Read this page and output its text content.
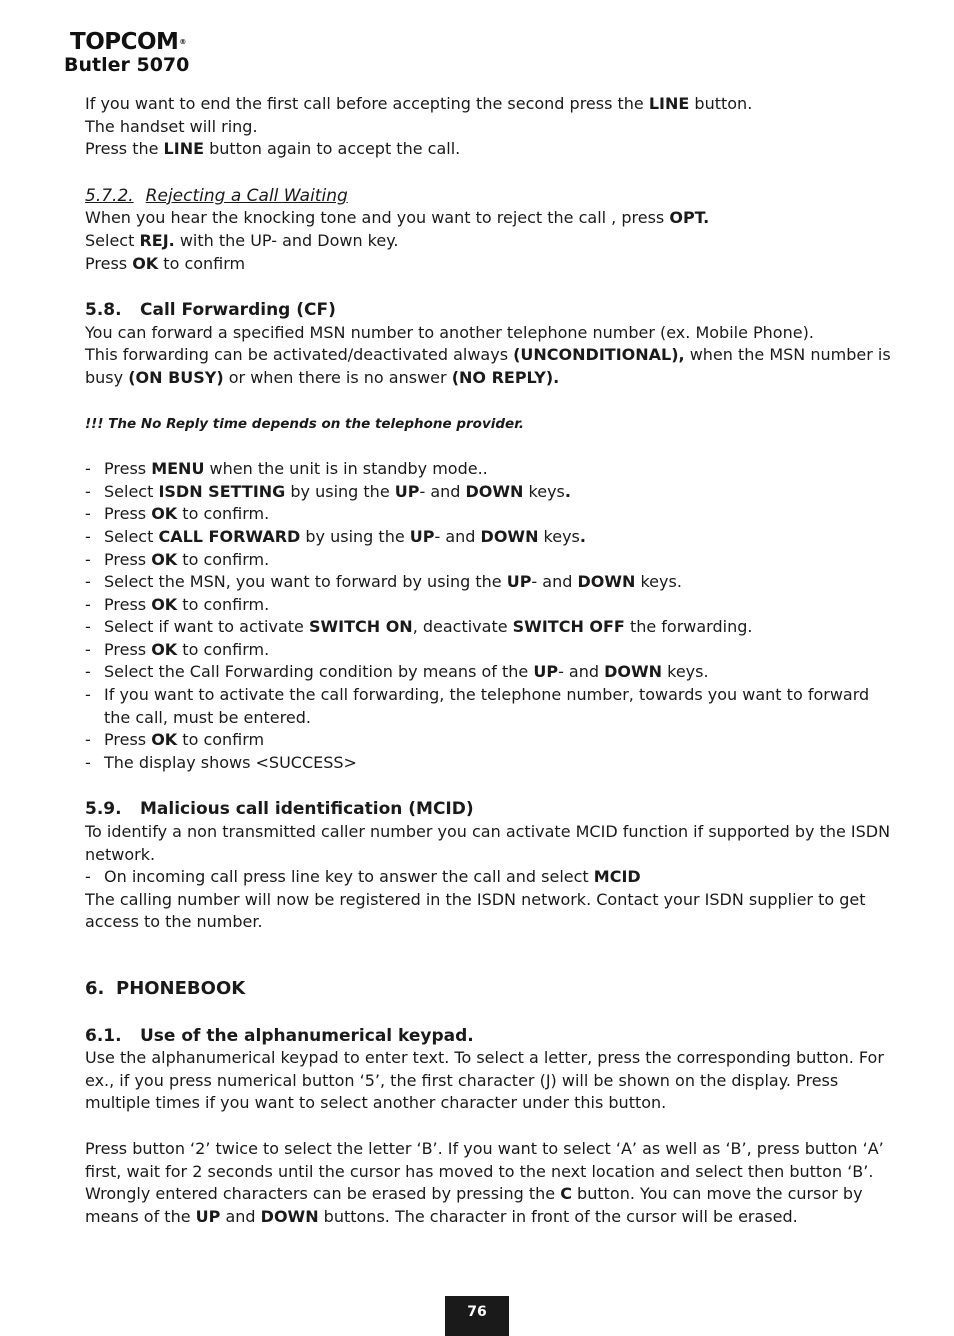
TOPCOM®
Butler 5070

If you want to end the first call before accepting the second press the LINE button.

The handset will ring.

Press the LINE button again to accept the call.

5.7.2. Rejecting a Call Waiting

When you hear the knocking tone and you want to reject the call , press OPT.

Select REJ. with the UP- and Down key.

Press OK to confirm

5.8. Call Forwarding (CF)

You can forward a specified MSN number to another telephone number (ex. Mobile Phone).

This forwarding can be activated/deactivated always (UNCONDITIONAL), when the MSN number is busy (ON BUSY) or when there is no answer (NO REPLY).

!!! The No Reply time depends on the telephone provider.

- Press MENU when the unit is in standby mode..
- Select ISDN SETTING by using the UP- and DOWN keys.
- Press OK to confirm.
- Select CALL FORWARD by using the UP- and DOWN keys.
- Press OK to confirm.
- Select the MSN, you want to forward by using the UP- and DOWN keys.
- Press OK to confirm.
- Select if want to activate SWITCH ON, deactivate SWITCH OFF the forwarding.
- Press OK to confirm.
- Select the Call Forwarding condition by means of the UP- and DOWN keys.
- If you want to activate the call forwarding, the telephone number, towards you want to forward the call, must be entered.
- Press OK to confirm
- The display shows <SUCCESS>

5.9. Malicious call identification (MCID)

To identify a non transmitted caller number you can activate MCID function if supported by the ISDN network.

- On incoming call press line key to answer the call and select MCID

The calling number will now be registered in the ISDN network. Contact your ISDN supplier to get access to the number.

6. PHONEBOOK

6.1. Use of the alphanumerical keypad.

Use the alphanumerical keypad to enter text. To select a letter, press the corresponding button. For ex., if you press numerical button ‘5’, the first character (J) will be shown on the display. Press multiple times if you want to select another character under this button.

Press button ‘2’ twice to select the letter ‘B’. If you want to select ‘A’ as well as ‘B’, press button ‘A’ first, wait for 2 seconds until the cursor has moved to the next location and select then button ‘B’. Wrongly entered characters can be erased by pressing the C button. You can move the cursor by means of the UP and DOWN buttons. The character in front of the cursor will be erased.

76
